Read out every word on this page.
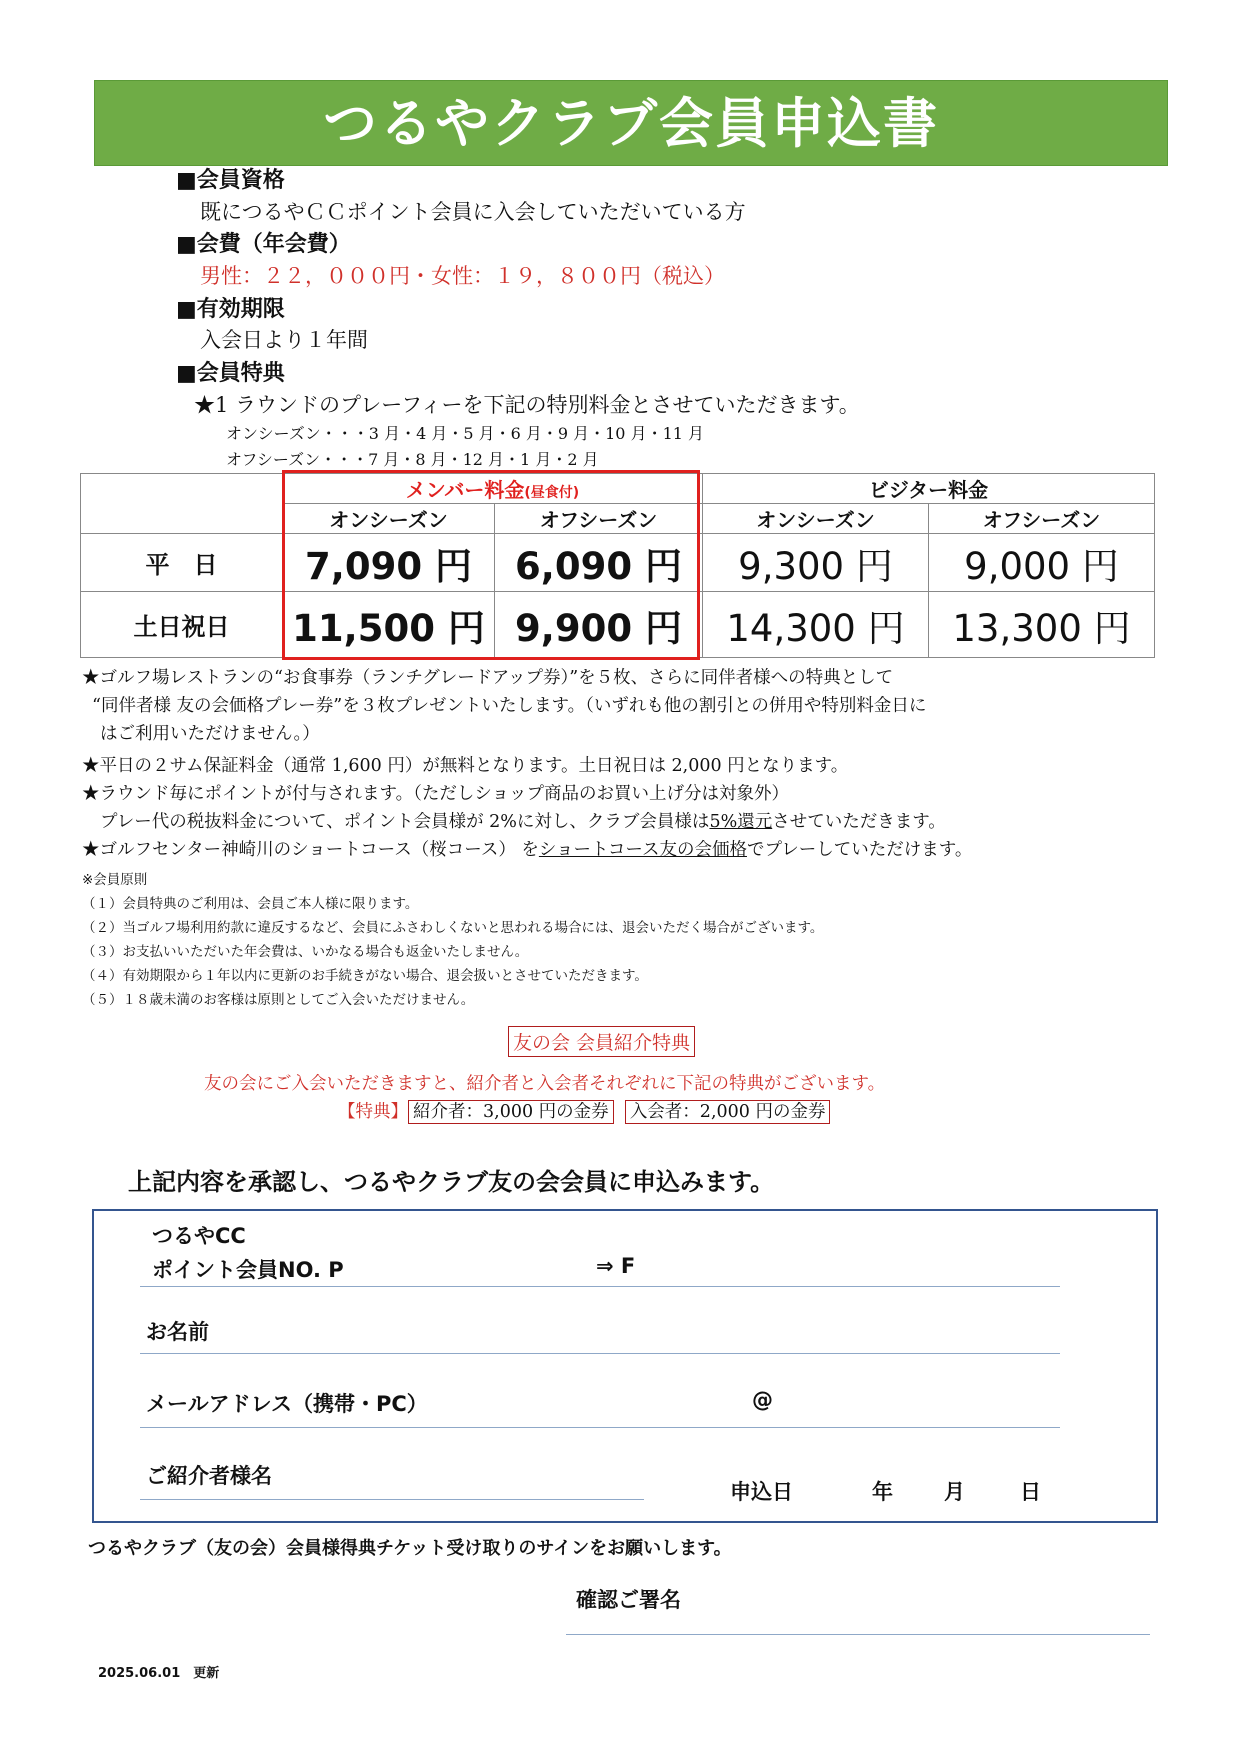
つるやクラブ会員申込書
■会員資格
既につるやＣＣポイント会員に入会していただいている方
■会費（年会費）
男性：２２，０００円・女性：１９，８００円（税込）
■有効期限
入会日より１年間
■会員特典
★1 ラウンドのプレーフィーを下記の特別料金とさせていただきます。
オンシーズン・・・3 月・4 月・5 月・6 月・9 月・10 月・11 月
オフシーズン・・・7 月・8 月・12 月・1 月・2 月
	メンバー料金(昼食付)		ビジター料金	
	オンシーズン	オフシーズン	オンシーズン	オフシーズン
平　日	7,090 円	6,090 円	9,300 円	9,000 円
土日祝日	11,500 円	9,900 円	14,300 円	13,300 円
★ゴルフ場レストランの“お食事券（ランチグレードアップ券）”を５枚、さらに同伴者様への特典として
“同伴者様 友の会価格プレー券”を３枚プレゼントいたします。（いずれも他の割引との併用や特別料金日に
はご利用いただけません。）
★平日の２サム保証料金（通常 1,600 円）が無料となります。土日祝日は 2,000 円となります。
★ラウンド毎にポイントが付与されます。（ただしショップ商品のお買い上げ分は対象外）
プレー代の税抜料金について、ポイント会員様が 2%に対し、クラブ会員様は5%還元させていただきます。
★ゴルフセンター神崎川のショートコース（桜コース） をショートコース友の会価格でプレーしていただけます。
※会員原則
（１）会員特典のご利用は、会員ご本人様に限ります。
（２）当ゴルフ場利用約款に違反するなど、会員にふさわしくないと思われる場合には、退会いただく場合がございます。
（３）お支払いいただいた年会費は、いかなる場合も返金いたしません。
（４）有効期限から１年以内に更新のお手続きがない場合、退会扱いとさせていただきます。
（５）１８歳未満のお客様は原則としてご入会いただけません。
友の会 会員紹介特典
友の会にご入会いただきますと、紹介者と入会者それぞれに下記の特典がございます。
【特典】 紹介者：3,000 円の金券 入会者：2,000 円の金券
上記内容を承認し、つるやクラブ友の会会員に申込みます。
つるやCC
ポイント会員NO. P	⇒ F
お名前
メールアドレス（携帯・PC）	@
ご紹介者様名
申込日	年 月	日
つるやクラブ（友の会）会員様得典チケット受け取りのサインをお願いします。
確認ご署名
2025.06.01　更新
